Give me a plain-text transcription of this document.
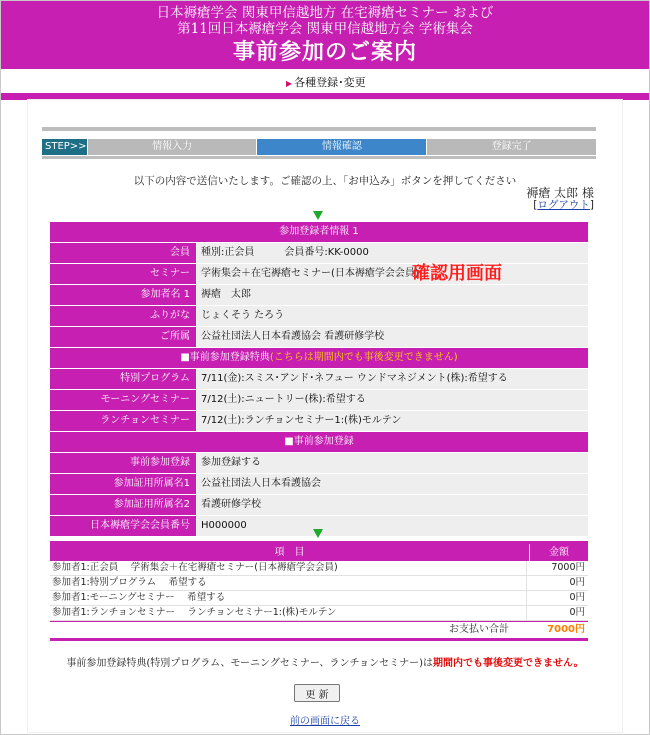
日本褥瘡学会 関東甲信越地方 在宅褥瘡セミナー および
第11回日本褥瘡学会 関東甲信越地方会 学術集会
事前参加のご案内
▶ 各種登録･変更
STEP>>	情報入力	情報確認	登録完了
以下の内容で送信いたします。ご確認の上、「お申込み」ボタンを押してください
褥瘡 太郎 様
[ログアウト]
参加登録者情報 1
会員	種別:正会員　　　会員番号:KK-0000
セミナー	学術集会＋在宅褥瘡セミナー(日本褥瘡学会会員)
参加者名 1	褥瘡　太郎
ふりがな	じょくそう たろう
ご所属	公益社団法人日本看護協会 看護研修学校
■事前参加登録特典(こちらは期間内でも事後変更できません)
特別プログラム	7/11(金):スミス･アンド･ネフュー ウンドマネジメント(株):希望する
モーニングセミナー	7/12(土):ニュートリー(株):希望する
ランチョンセミナー	7/12(土):ランチョンセミナー1:(株)モルテン
■事前参加登録
事前参加登録	参加登録する
参加証用所属名1	公益社団法人日本看護協会
参加証用所属名2	看護研修学校
日本褥瘡学会会員番号	H000000
確認用画面
項　目	金額
参加者1:正会員　 学術集会＋在宅褥瘡セミナー(日本褥瘡学会会員)	7000円
参加者1:特別プログラム　 希望する	0円
参加者1:モーニングセミナー　 希望する	0円
参加者1:ランチョンセミナー　 ランチョンセミナー1:(株)モルテン	0円
お支払い合計	7000円
事前参加登録特典(特別プログラム、モーニングセミナー、ランチョンセミナー)は期間内でも事後変更できません。
更 新
前の画面に戻る
